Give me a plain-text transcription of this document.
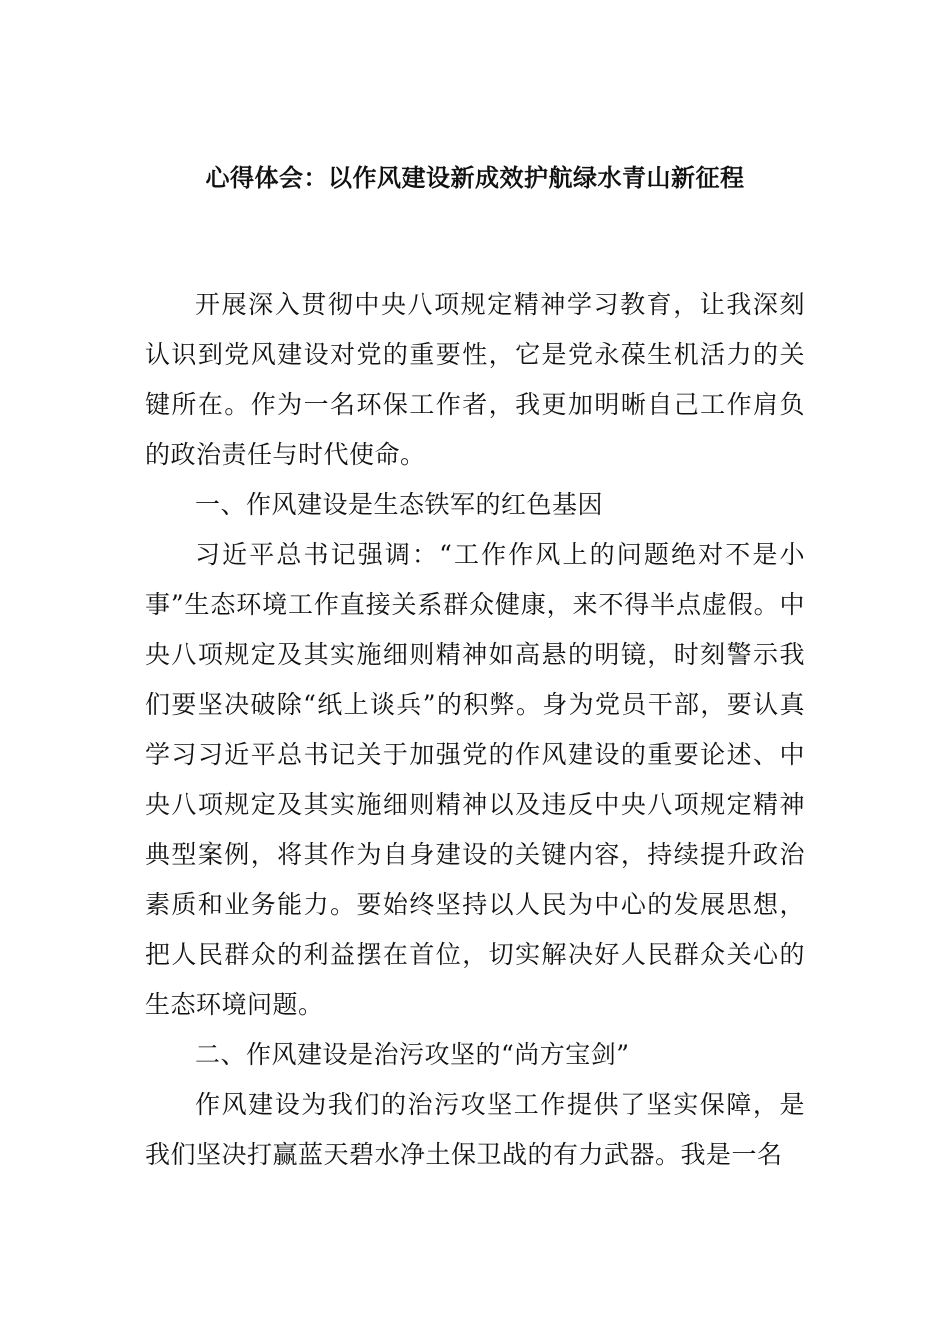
心得体会：以作风建设新成效护航绿水青山新征程

开展深入贯彻中央八项规定精神学习教育，让我深刻认识到党风建设对党的重要性，它是党永葆生机活力的关键所在。作为一名环保工作者，我更加明晰自己工作肩负的政治责任与时代使命。

一、作风建设是生态铁军的红色基因

习近平总书记强调：“工作作风上的问题绝对不是小事”生态环境工作直接关系群众健康，来不得半点虚假。中央八项规定及其实施细则精神如高悬的明镜，时刻警示我们要坚决破除“纸上谈兵”的积弊。身为党员干部，要认真学习习近平总书记关于加强党的作风建设的重要论述、中央八项规定及其实施细则精神以及违反中央八项规定精神典型案例，将其作为自身建设的关键内容，持续提升政治素质和业务能力。要始终坚持以人民为中心的发展思想，把人民群众的利益摆在首位，切实解决好人民群众关心的生态环境问题。

二、作风建设是治污攻坚的“尚方宝剑”

作风建设为我们的治污攻坚工作提供了坚实保障，是我们坚决打赢蓝天碧水净土保卫战的有力武器。我是一名
